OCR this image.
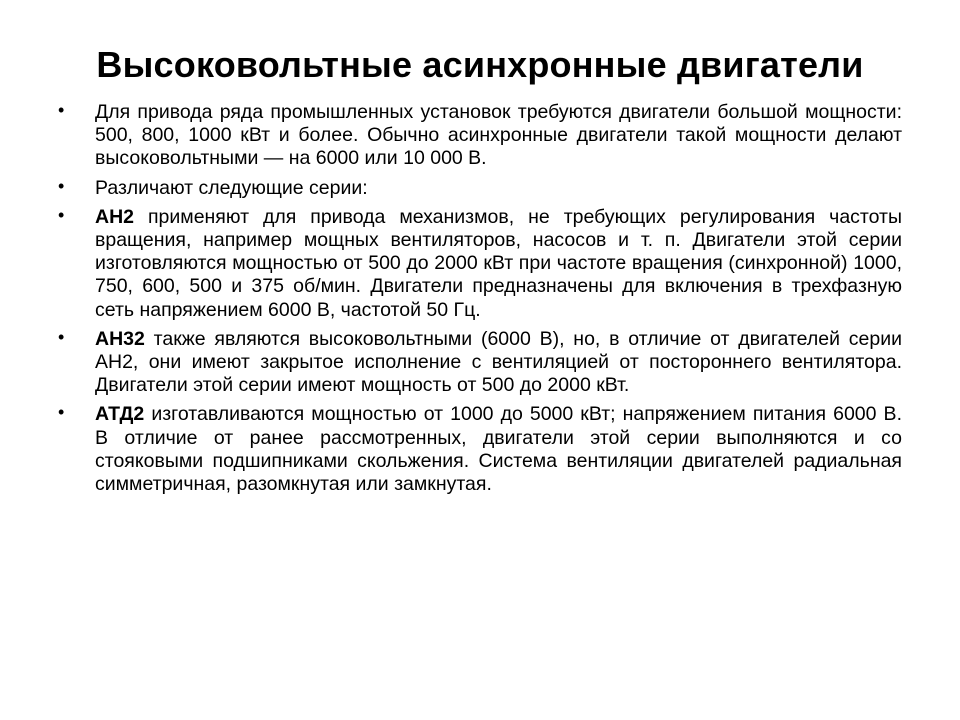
Высоковольтные асинхронные двигатели
• Для привода ряда промышленных установок требуются двигатели большой мощности: 500, 800, 1000 кВт и более. Обычно асинхронные двигатели такой мощности делают высоковольтными — на 6000 или 10 000 В.
• Различают следующие серии:
• АН2 применяют для привода механизмов, не требующих регулирования частоты вращения, например мощных вентиляторов, насосов и т. п. Двигатели этой серии изготовляются мощностью от 500 до 2000 кВт при частоте вращения (синхронной) 1000, 750, 600, 500 и 375 об/мин. Двигатели предназначены для включения в трехфазную сеть напряжением 6000 В, частотой 50 Гц.
• АН32 также являются высоковольтными (6000 В), но, в отличие от двигателей серии АН2, они имеют закрытое исполнение с вентиляцией от постороннего вентилятора. Двигатели этой серии имеют мощность от 500 до 2000 кВт.
• АТД2 изготавливаются мощностью от 1000 до 5000 кВт; напряжением питания 6000 В. В отличие от ранее рассмотренных, двигатели этой серии выполняются и со стояковыми подшипниками скольжения. Система вентиляции двигателей радиальная симметричная, разомкнутая или замкнутая.
